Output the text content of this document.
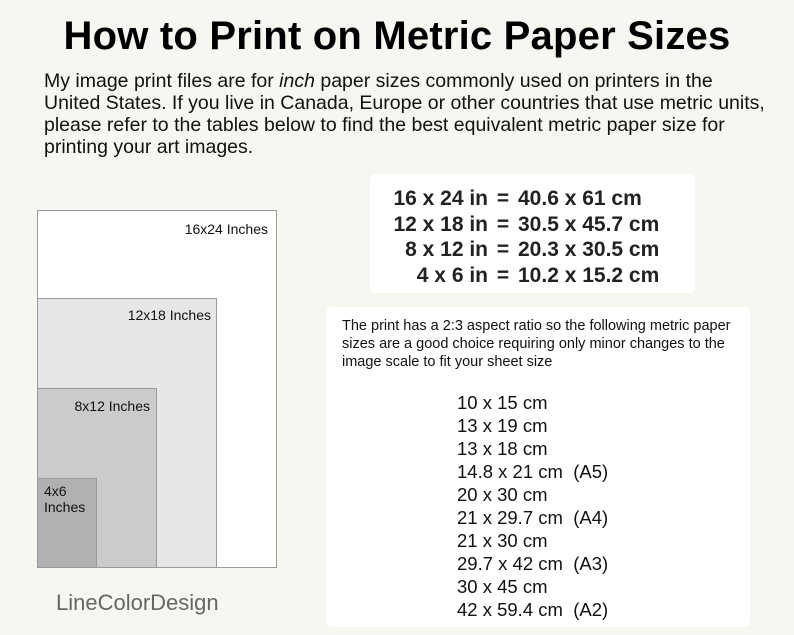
How to Print on Metric Paper Sizes
My image print files are for inch paper sizes commonly used on printers in the United States. If you live in Canada, Europe or other countries that use metric units, please refer to the tables below to find the best equivalent metric paper size for printing your art images.
16x24 Inches
12x18 Inches
8x12 Inches
4x6 Inches
LineColorDesign
16 x 24 in = 40.6 x 61 cm
12 x 18 in = 30.5 x 45.7 cm
8 x 12 in = 20.3 x 30.5 cm
4 x 6 in = 10.2 x 15.2 cm
The print has a 2:3 aspect ratio so the following metric paper sizes are a good choice requiring only minor changes to the image scale to fit your sheet size
10 x 15 cm
13 x 19 cm
13 x 18 cm
14.8 x 21 cm  (A5)
20 x 30 cm
21 x 29.7 cm  (A4)
21 x 30 cm
29.7 x 42 cm  (A3)
30 x 45 cm
42 x 59.4 cm  (A2)
